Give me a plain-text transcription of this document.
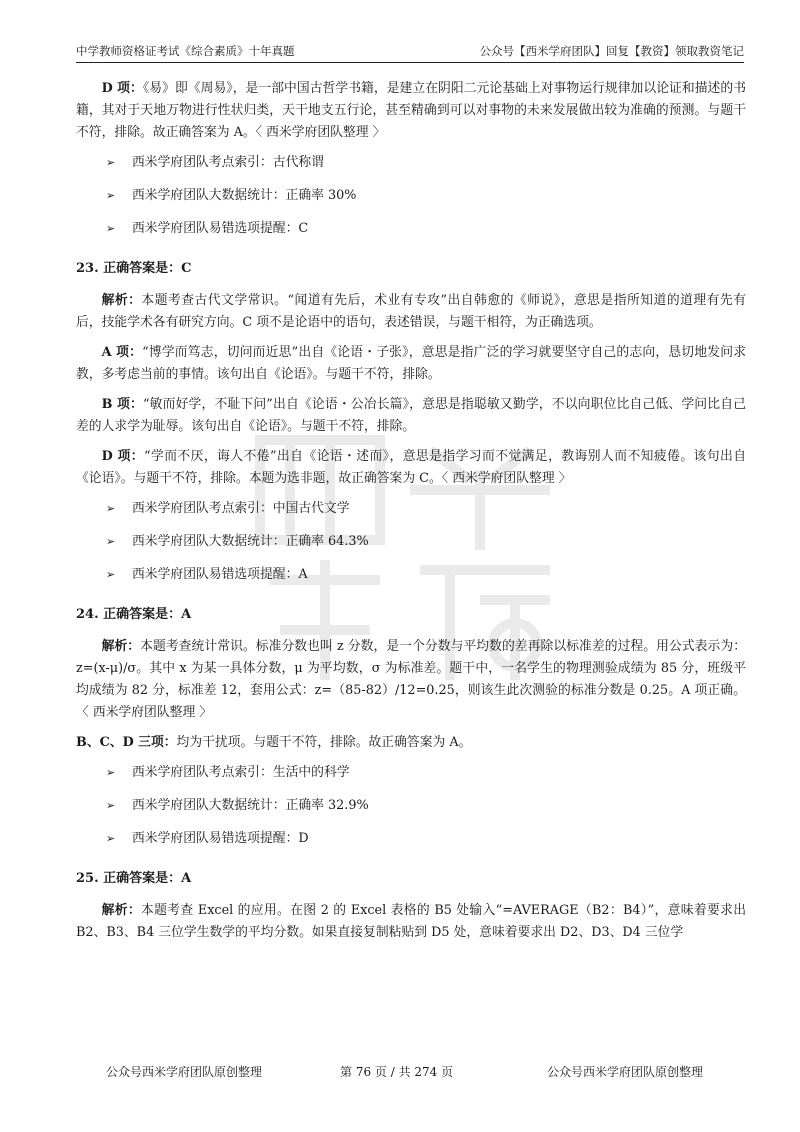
中学教师资格证考试《综合素质》十年真题	公众号【西米学府团队】回复【教资】领取教资笔记

D 项：《易》即《周易》，是一部中国古哲学书籍，是建立在阴阳二元论基础上对事物运行规律加以论证和描述的书籍，其对于天地万物进行性状归类，天干地支五行论，甚至精确到可以对事物的未来发展做出较为准确的预测。与题干不符，排除。故正确答案为 A。〈 西米学府团队整理 〉

➢ 西米学府团队考点索引：古代称谓
➢ 西米学府团队大数据统计：正确率 30%
➢ 西米学府团队易错选项提醒：C
23. 正确答案是：C

解析：本题考查古代文学常识。“闻道有先后，术业有专攻”出自韩愈的《师说》，意思是指所知道的道理有先有后，技能学术各有研究方向。C 项不是论语中的语句，表述错误，与题干相符，为正确选项。

A 项：“博学而笃志，切问而近思”出自《论语・子张》，意思是指广泛的学习就要坚守自己的志向，恳切地发问求教，多考虑当前的事情。该句出自《论语》。与题干不符，排除。

B 项：“敏而好学，不耻下问”出自《论语・公冶长篇》，意思是指聪敏又勤学，不以向职位比自己低、学问比自己差的人求学为耻辱。该句出自《论语》。与题干不符，排除。

D 项：“学而不厌，诲人不倦”出自《论语・述而》，意思是指学习而不觉满足，教诲别人而不知疲倦。该句出自《论语》。与题干不符，排除。本题为选非题，故正确答案为 C。〈 西米学府团队整理 〉

➢ 西米学府团队考点索引：中国古代文学
➢ 西米学府团队大数据统计：正确率 64.3%
➢ 西米学府团队易错选项提醒：A
24. 正确答案是：A

解析：本题考查统计常识。标准分数也叫 z 分数，是一个分数与平均数的差再除以标准差的过程。用公式表示为：z=(x-μ)/σ。其中 x 为某一具体分数，μ 为平均数，σ 为标准差。题干中，一名学生的物理测验成绩为 85 分，班级平均成绩为 82 分，标准差 12，套用公式：z=（85-82）/12=0.25，则该生此次测验的标准分数是 0.25。A 项正确。〈 西米学府团队整理 〉

B、C、D 三项：均为干扰项。与题干不符，排除。故正确答案为 A。

➢ 西米学府团队考点索引：生活中的科学
➢ 西米学府团队大数据统计：正确率 32.9%
➢ 西米学府团队易错选项提醒：D
25. 正确答案是：A

解析：本题考查 Excel 的应用。在图 2 的 Excel 表格的 B5 处输入“=AVERAGE（B2：B4）”，意味着要求出 B2、B3、B4 三位学生数学的平均分数。如果直接复制粘贴到 D5 处，意味着要求出 D2、D3、D4 三位学

公众号西米学府团队原创整理	第 76 页 / 共 274 页	公众号西米学府团队原创整理
